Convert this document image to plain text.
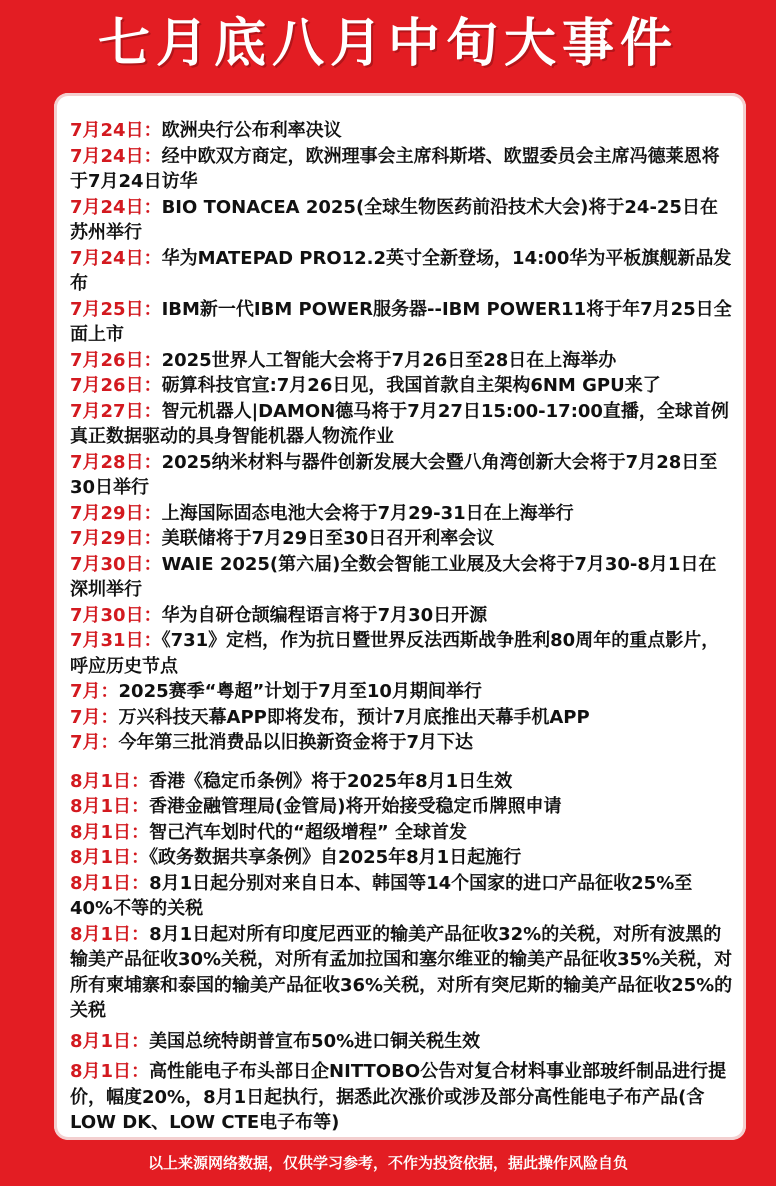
七月底八月中旬大事件
7月24日：欧洲央行公布利率决议
7月24日：经中欧双方商定，欧洲理事会主席科斯塔、欧盟委员会主席冯德莱恩将于7月24日访华
7月24日：BIO TONACEA 2025(全球生物医药前沿技术大会)将于24-25日在苏州举行
7月24日：华为MATEPAD PRO12.2英寸全新登场，14:00华为平板旗舰新品发布
7月25日：IBM新一代IBM POWER服务器--IBM POWER11将于年7月25日全面上市
7月26日：2025世界人工智能大会将于7月26日至28日在上海举办
7月26日：砺算科技官宣:7月26日见，我国首款自主架构6NM GPU来了
7月27日：智元机器人|DAMON德马将于7月27日15:00-17:00直播，全球首例真正数据驱动的具身智能机器人物流作业
7月28日：2025纳米材料与器件创新发展大会暨八角湾创新大会将于7月28日至30日举行
7月29日：上海国际固态电池大会将于7月29-31日在上海举行
7月29日：美联储将于7月29日至30日召开利率会议
7月30日：WAIE 2025(第六届)全数会智能工业展及大会将于7月30-8月1日在深圳举行
7月30日：华为自研仓颉编程语言将于7月30日开源
7月31日：《731》定档，作为抗日暨世界反法西斯战争胜利80周年的重点影片，呼应历史节点
7月：2025赛季“粤超”计划于7月至10月期间举行
7月：万兴科技天幕APP即将发布，预计7月底推出天幕手机APP
7月：今年第三批消费品以旧换新资金将于7月下达
8月1日：香港《稳定币条例》将于2025年8月1日生效
8月1日：香港金融管理局(金管局)将开始接受稳定币牌照申请
8月1日：智己汽车划时代的“超级增程” 全球首发
8月1日：《政务数据共享条例》自2025年8月1日起施行
8月1日：8月1日起分别对来自日本、韩国等14个国家的进口产品征收25%至40%不等的关税
8月1日：8月1日起对所有印度尼西亚的输美产品征收32%的关税，对所有波黑的输美产品征收30%关税，对所有孟加拉国和塞尔维亚的输美产品征收35%关税，对所有柬埔寨和泰国的输美产品征收36%关税，对所有突尼斯的输美产品征收25%的关税
8月1日：美国总统特朗普宣布50%进口铜关税生效
8月1日：高性能电子布头部日企NITTOBO公告对复合材料事业部玻纤制品进行提价，幅度20%，8月1日起执行，据悉此次涨价或涉及部分高性能电子布产品(含LOW DK、LOW CTE电子布等)
以上来源网络数据，仅供学习参考，不作为投资依据，据此操作风险自负
